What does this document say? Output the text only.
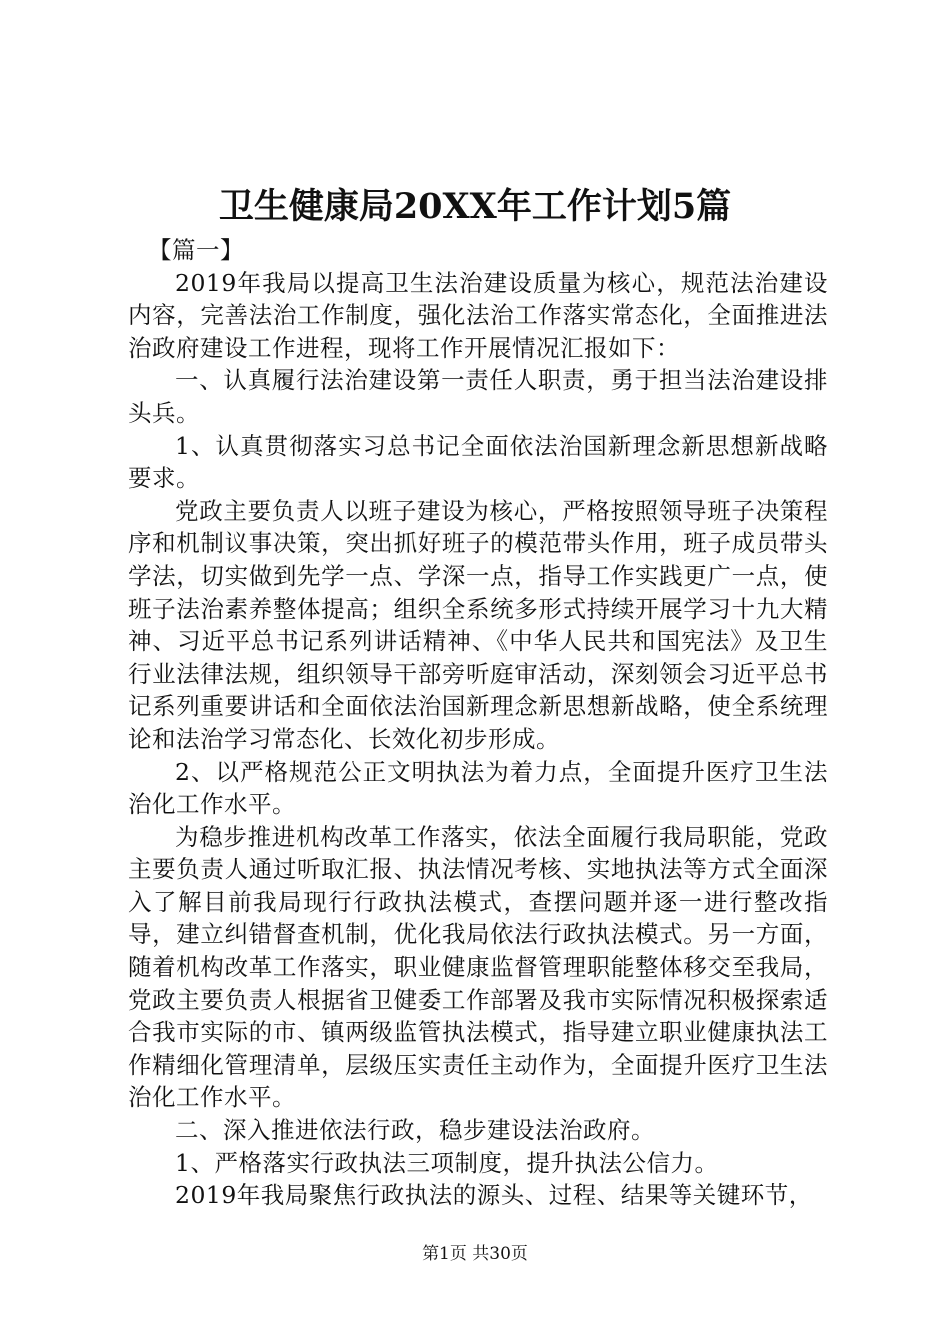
卫生健康局20XX年工作计划5篇

【篇一】

2019年我局以提高卫生法治建设质量为核心，规范法治建设内容，完善法治工作制度，强化法治工作落实常态化，全面推进法治政府建设工作进程，现将工作开展情况汇报如下：

一、认真履行法治建设第一责任人职责，勇于担当法治建设排头兵。

1、认真贯彻落实习总书记全面依法治国新理念新思想新战略要求。

党政主要负责人以班子建设为核心，严格按照领导班子决策程序和机制议事决策，突出抓好班子的模范带头作用，班子成员带头学法，切实做到先学一点、学深一点，指导工作实践更广一点，使班子法治素养整体提高；组织全系统多形式持续开展学习十九大精神、习近平总书记系列讲话精神、《中华人民共和国宪法》及卫生行业法律法规，组织领导干部旁听庭审活动，深刻领会习近平总书记系列重要讲话和全面依法治国新理念新思想新战略，使全系统理论和法治学习常态化、长效化初步形成。

2、以严格规范公正文明执法为着力点，全面提升医疗卫生法治化工作水平。

为稳步推进机构改革工作落实，依法全面履行我局职能，党政主要负责人通过听取汇报、执法情况考核、实地执法等方式全面深入了解目前我局现行行政执法模式，查摆问题并逐一进行整改指导，建立纠错督查机制，优化我局依法行政执法模式。另一方面，随着机构改革工作落实，职业健康监督管理职能整体移交至我局，党政主要负责人根据省卫健委工作部署及我市实际情况积极探索适合我市实际的市、镇两级监管执法模式，指导建立职业健康执法工作精细化管理清单，层级压实责任主动作为，全面提升医疗卫生法治化工作水平。

二、深入推进依法行政，稳步建设法治政府。

1、严格落实行政执法三项制度，提升执法公信力。

2019年我局聚焦行政执法的源头、过程、结果等关键环节，

第1页 共30页
